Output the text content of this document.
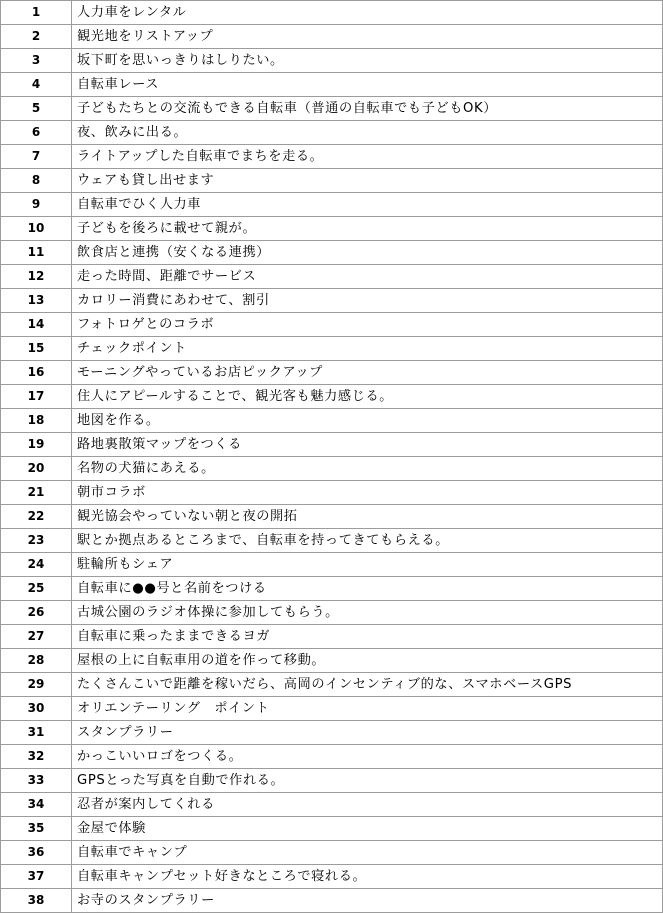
1	人力車をレンタル
2	観光地をリストアップ
3	坂下町を思いっきりはしりたい。
4	自転車レース
5	子どもたちとの交流もできる自転車（普通の自転車でも子どもOK）
6	夜、飲みに出る。
7	ライトアップした自転車でまちを走る。
8	ウェアも貸し出せます
9	自転車でひく人力車
10	子どもを後ろに載せて親が。
11	飲食店と連携（安くなる連携）
12	走った時間、距離でサービス
13	カロリー消費にあわせて、割引
14	フォトロゲとのコラボ
15	チェックポイント
16	モーニングやっているお店ピックアップ
17	住人にアピールすることで、観光客も魅力感じる。
18	地図を作る。
19	路地裏散策マップをつくる
20	名物の犬猫にあえる。
21	朝市コラボ
22	観光協会やっていない朝と夜の開拓
23	駅とか拠点あるところまで、自転車を持ってきてもらえる。
24	駐輪所もシェア
25	自転車に●●号と名前をつける
26	古城公園のラジオ体操に参加してもらう。
27	自転車に乗ったままできるヨガ
28	屋根の上に自転車用の道を作って移動。
29	たくさんこいで距離を稼いだら、高岡のインセンティブ的な、スマホベースGPS
30	オリエンテーリング　ポイント
31	スタンプラリー
32	かっこいいロゴをつくる。
33	GPSとった写真を自動で作れる。
34	忍者が案内してくれる
35	金屋で体験
36	自転車でキャンプ
37	自転車キャンプセット好きなところで寝れる。
38	お寺のスタンプラリー
